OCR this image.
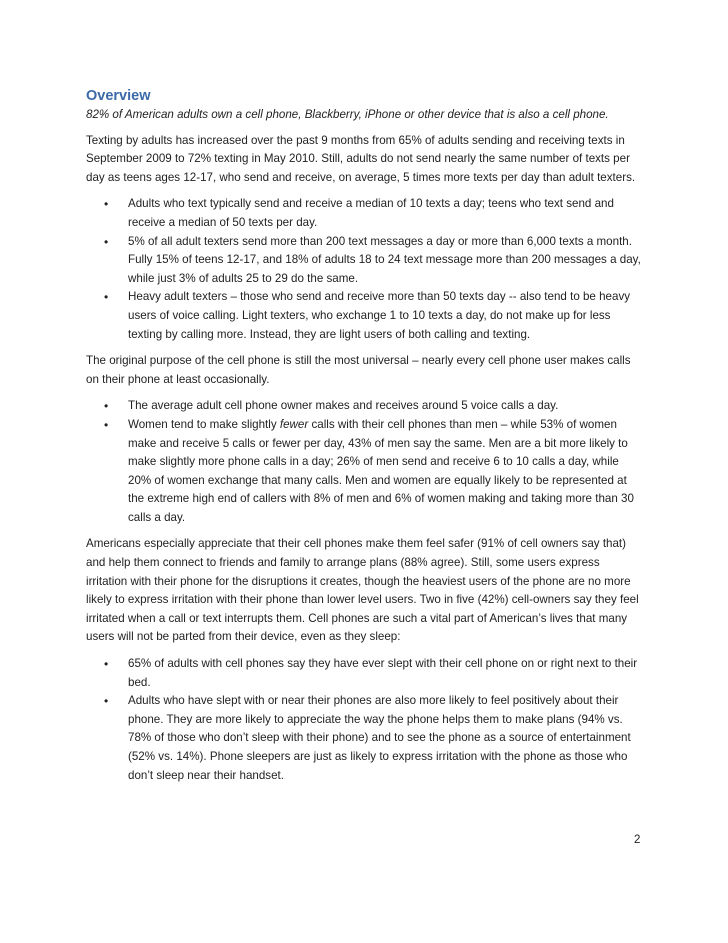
Overview

82% of American adults own a cell phone, Blackberry, iPhone or other device that is also a cell phone.

Texting by adults has increased over the past 9 months from 65% of adults sending and receiving texts in September 2009 to 72% texting in May 2010. Still, adults do not send nearly the same number of texts per day as teens ages 12-17, who send and receive, on average, 5 times more texts per day than adult texters.

• Adults who text typically send and receive a median of 10 texts a day; teens who text send and receive a median of 50 texts per day.
• 5% of all adult texters send more than 200 text messages a day or more than 6,000 texts a month. Fully 15% of teens 12-17, and 18% of adults 18 to 24 text message more than 200 messages a day, while just 3% of adults 25 to 29 do the same.
• Heavy adult texters – those who send and receive more than 50 texts day -- also tend to be heavy users of voice calling. Light texters, who exchange 1 to 10 texts a day, do not make up for less texting by calling more. Instead, they are light users of both calling and texting.

The original purpose of the cell phone is still the most universal – nearly every cell phone user makes calls on their phone at least occasionally.

• The average adult cell phone owner makes and receives around 5 voice calls a day.
• Women tend to make slightly fewer calls with their cell phones than men – while 53% of women make and receive 5 calls or fewer per day, 43% of men say the same. Men are a bit more likely to make slightly more phone calls in a day; 26% of men send and receive 6 to 10 calls a day, while 20% of women exchange that many calls. Men and women are equally likely to be represented at the extreme high end of callers with 8% of men and 6% of women making and taking more than 30 calls a day.

Americans especially appreciate that their cell phones make them feel safer (91% of cell owners say that) and help them connect to friends and family to arrange plans (88% agree). Still, some users express irritation with their phone for the disruptions it creates, though the heaviest users of the phone are no more likely to express irritation with their phone than lower level users. Two in five (42%) cell-owners say they feel irritated when a call or text interrupts them. Cell phones are such a vital part of American’s lives that many users will not be parted from their device, even as they sleep:

• 65% of adults with cell phones say they have ever slept with their cell phone on or right next to their bed.
• Adults who have slept with or near their phones are also more likely to feel positively about their phone. They are more likely to appreciate the way the phone helps them to make plans (94% vs. 78% of those who don’t sleep with their phone) and to see the phone as a source of entertainment (52% vs. 14%). Phone sleepers are just as likely to express irritation with the phone as those who don’t sleep near their handset.
2
